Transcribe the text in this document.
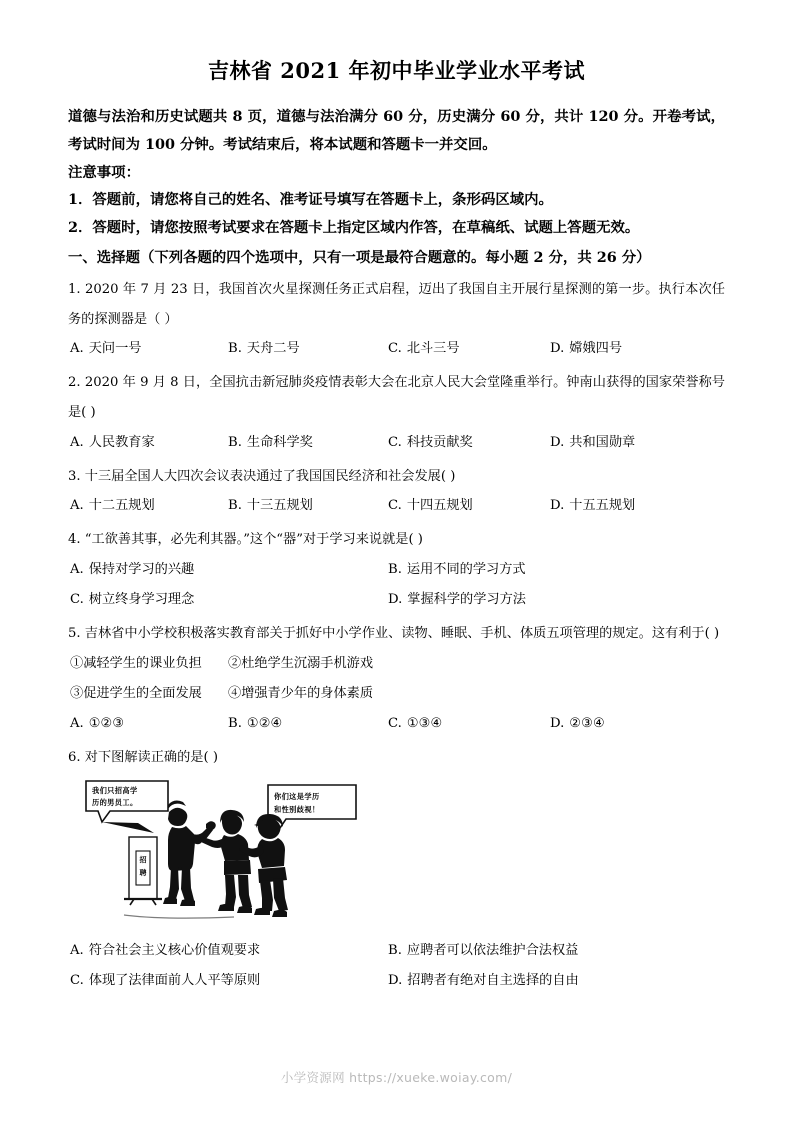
吉林省 2021 年初中毕业学业水平考试
道德与法治和历史试题共 8 页，道德与法治满分 60 分，历史满分 60 分，共计 120 分。开卷考试，考试时间为 100 分钟。考试结束后，将本试题和答题卡一并交回。
注意事项：
1．答题前，请您将自己的姓名、准考证号填写在答题卡上，条形码区域内。
2．答题时，请您按照考试要求在答题卡上指定区域内作答，在草稿纸、试题上答题无效。
一、选择题（下列各题的四个选项中，只有一项是最符合题意的。每小题 2 分，共 26 分）
1. 2020 年 7 月 23 日，我国首次火星探测任务正式启程，迈出了我国自主开展行星探测的第一步。执行本次任务的探测器是（ ）
A. 天问一号	B. 天舟二号	C. 北斗三号	D. 嫦娥四号
2. 2020 年 9 月 8 日，全国抗击新冠肺炎疫情表彰大会在北京人民大会堂隆重举行。钟南山获得的国家荣誉称号是( )
A. 人民教育家	B. 生命科学奖	C. 科技贡献奖	D. 共和国勋章
3. 十三届全国人大四次会议表决通过了我国国民经济和社会发展( )
A. 十二五规划	B. 十三五规划	C. 十四五规划	D. 十五五规划
4. “工欲善其事，必先利其器。”这个“器”对于学习来说就是( )
A. 保持对学习的兴趣	B. 运用不同的学习方式
C. 树立终身学习理念	D. 掌握科学的学习方法
5. 吉林省中小学校积极落实教育部关于抓好中小学作业、读物、睡眠、手机、体质五项管理的规定。这有利于( )
①减轻学生的课业负担 ②杜绝学生沉溺手机游戏
③促进学生的全面发展 ④增强青少年的身体素质
A. ①②③	B. ①②④	C. ①③④	D. ②③④
6. 对下图解读正确的是( )
我们只招高学
历的男员工。
你们这是学历
和性别歧视！
招
聘
A. 符合社会主义核心价值观要求	B. 应聘者可以依法维护合法权益
C. 体现了法律面前人人平等原则	D. 招聘者有绝对自主选择的自由
小学资源网 https://xueke.woiay.com/
